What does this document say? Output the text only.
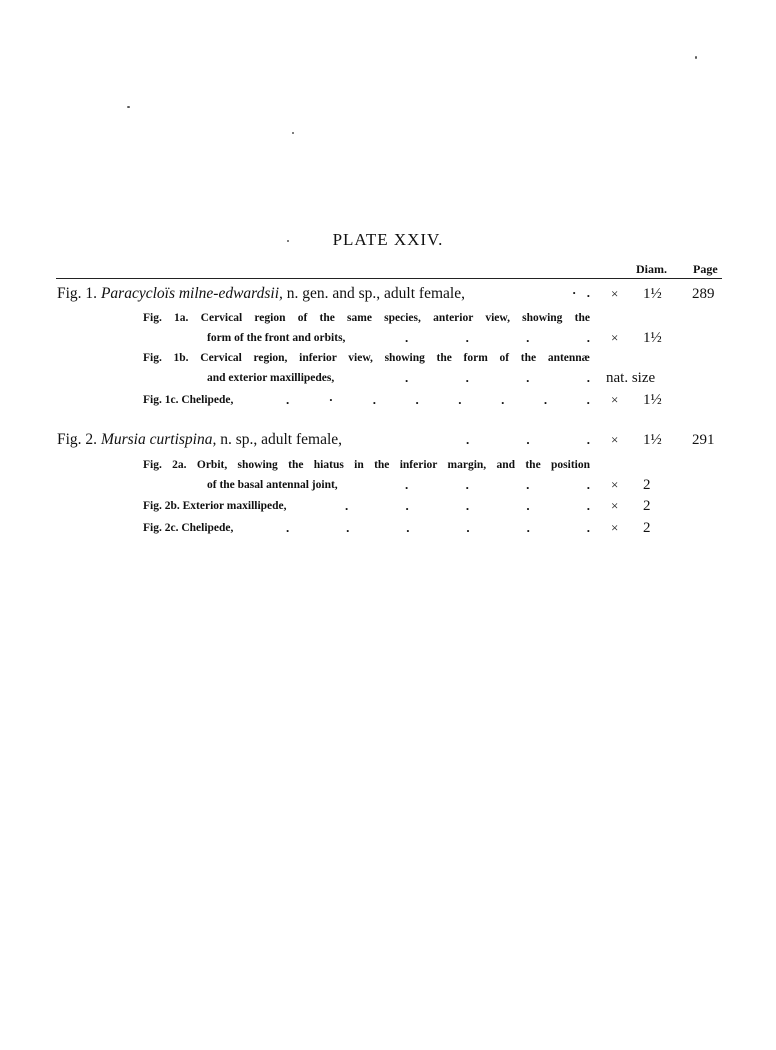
PLATE XXIV.
Diam. Page
Fig. 1. Paracycloïs milne-edwardsii, n. gen. and sp., adult female,	· . × 1½ 289
Fig. 1a. Cervical region of the same species, anterior view, showing the
form of the front and orbits,	.	.	.	. × 1½
Fig. 1b. Cervical region, inferior view, showing the form of the antennæ
and exterior maxillipedes,	.	.	.	. nat. size
Fig. 1c. Chelipede,	.	·	.	.	.	.	.	. × 1½
Fig. 2. Mursia curtispina, n. sp., adult female,	.	.	. × 1½ 291
Fig. 2a. Orbit, showing the hiatus in the inferior margin, and the position
of the basal antennal joint,	.	.	.	. × 2
Fig. 2b. Exterior maxillipede,	.	.	.	.	. × 2
Fig. 2c. Chelipede,	.	.	.	.	.	. × 2
